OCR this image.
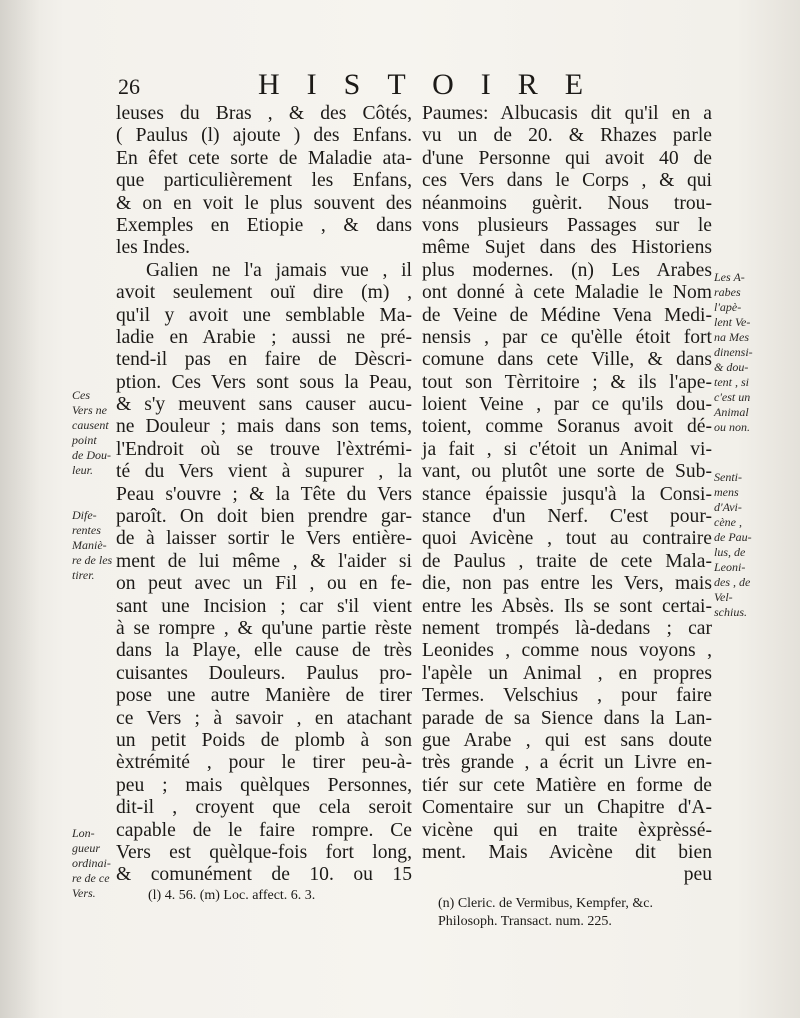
26	HISTOIRE
leuses du Bras , & des Côtés,
( Paulus (l) ajoute ) des Enfans.
En êfet cete sorte de Maladie ata-
que particulièrement les Enfans,
& on en voit le plus souvent des
Exemples en Etiopie , & dans
les Indes.
Galien ne l'a jamais vue , il
avoit seulement ouï dire (m) ,
qu'il y avoit une semblable Ma-
ladie en Arabie ; aussi ne pré-
tend-il pas en faire de Dèscri-
ption. Ces Vers sont sous la Peau,
& s'y meuvent sans causer aucu-
ne Douleur ; mais dans son tems,
l'Endroit où se trouve l'èxtrémi-
té du Vers vient à supurer , la
Peau s'ouvre ; & la Tête du Vers
paroît. On doit bien prendre gar-
de à laisser sortir le Vers entière-
ment de lui même , & l'aider si
on peut avec un Fil , ou en fe-
sant une Incision ; car s'il vient
à se rompre , & qu'une partie rèste
dans la Playe, elle cause de très
cuisantes Douleurs. Paulus pro-
pose une autre Manière de tirer
ce Vers ; à savoir , en atachant
un petit Poids de plomb à son
èxtrémité , pour le tirer peu-à-
peu ; mais quèlques Personnes,
dit-il , croyent que cela seroit
capable de le faire rompre. Ce
Vers est quèlque-fois fort long,
& comunément de 10. ou 15
Paumes: Albucasis dit qu'il en a
vu un de 20. & Rhazes parle
d'une Personne qui avoit 40 de
ces Vers dans le Corps , & qui
néanmoins guèrit. Nous trou-
vons plusieurs Passages sur le
même Sujet dans des Historiens
plus modernes. (n) Les Arabes
ont donné à cete Maladie le Nom
de Veine de Médine Vena Medi-
nensis , par ce qu'èlle étoit fort
comune dans cete Ville, & dans
tout son Tèrritoire ; & ils l'ape-
loient Veine , par ce qu'ils dou-
toient, comme Soranus avoit dé-
ja fait , si c'étoit un Animal vi-
vant, ou plutôt une sorte de Sub-
stance épaissie jusqu'à la Consi-
stance d'un Nerf. C'est pour-
quoi Avicène , tout au contraire
de Paulus , traite de cete Mala-
die, non pas entre les Vers, mais
entre les Absès. Ils se sont certai-
nement trompés là-dedans ; car
Leonides , comme nous voyons ,
l'apèle un Animal , en propres
Termes. Velschius , pour faire
parade de sa Sience dans la Lan-
gue Arabe , qui est sans doute
très grande , a écrit un Livre en-
tiér sur cete Matière en forme de
Comentaire sur un Chapitre d'A-
vicène qui en traite èxprèssé-
ment. Mais Avicène dit bien
peu
Ces
Vers ne
causent
point
de Dou-
leur.
Dife-
rentes
Maniè-
re de les
tirer.
Lon-
gueur
ordinai-
re de ce
Vers.
Les A-
rabes
l'apè-
lent Ve-
na Mes
dinensi-
& dou-
tent , si
c'est un
Animal
ou non.
Senti-
mens
d'Avi-
cène ,
de Pau-
lus, de
Leoni-
des , de
Vel-
schius.
(l) 4. 56. (m) Loc. affect. 6. 3.
(n) Cleric. de Vermibus, Kempfer, &c.
Philosoph. Transact. num. 225.
